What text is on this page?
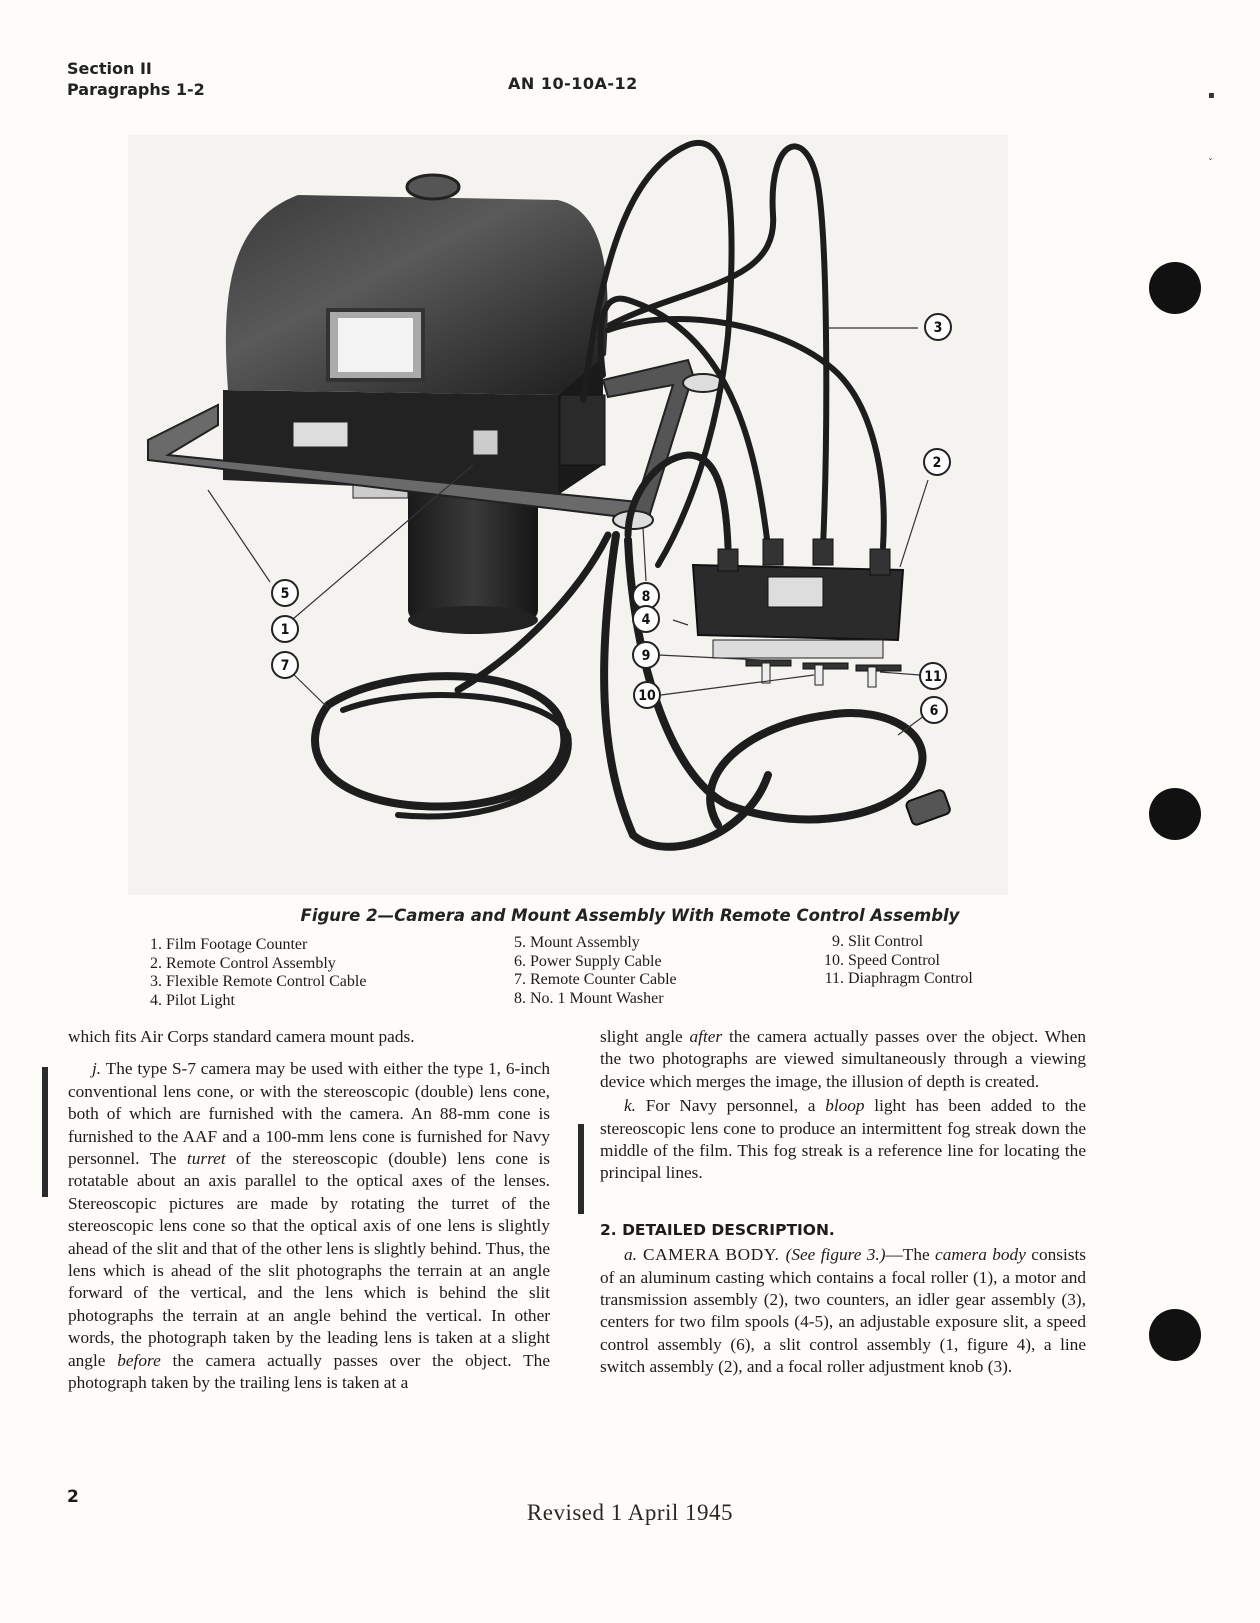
Section II
Paragraphs 1-2	AN 10-10A-12
▪
ˇ
3
2
8
4
9
10
11
6
5
1
7
Figure 2—Camera and Mount Assembly With Remote Control Assembly
1. Film Footage Counter
2. Remote Control Assembly
3. Flexible Remote Control Cable
4. Pilot Light
5. Mount Assembly
6. Power Supply Cable
7. Remote Counter Cable
8. No. 1 Mount Washer
9. Slit Control
10. Speed Control
11. Diaphragm Control

which fits Air Corps standard camera mount pads.

j. The type S-7 camera may be used with either the type 1, 6-inch conventional lens cone, or with the stereoscopic (double) lens cone, both of which are furnished with the camera. An 88-mm cone is furnished to the AAF and a 100-mm lens cone is furnished for Navy personnel. The turret of the stereoscopic (double) lens cone is rotatable about an axis parallel to the optical axes of the lenses. Stereoscopic pictures are made by rotating the turret of the stereoscopic lens cone so that the optical axis of one lens is slightly ahead of the slit and that of the other lens is slightly behind. Thus, the lens which is ahead of the slit photographs the terrain at an angle forward of the vertical, and the lens which is behind the slit photographs the terrain at an angle behind the vertical. In other words, the photograph taken by the leading lens is taken at a slight angle before the camera actually passes over the object. The photograph taken by the trailing lens is taken at a

slight angle after the camera actually passes over the object. When the two photographs are viewed simultaneously through a viewing device which merges the image, the illusion of depth is created.

k. For Navy personnel, a bloop light has been added to the stereoscopic lens cone to produce an intermittent fog streak down the middle of the film. This fog streak is a reference line for locating the principal lines.

2. DETAILED DESCRIPTION.

a. CAMERA BODY. (See figure 3.)—The camera body consists of an aluminum casting which contains a focal roller (1), a motor and transmission assembly (2), two counters, an idler gear assembly (3), centers for two film spools (4-5), an adjustable exposure slit, a speed control assembly (6), a slit control assembly (1, figure 4), a line switch assembly (2), and a focal roller adjustment knob (3).

2
Revised 1 April 1945
